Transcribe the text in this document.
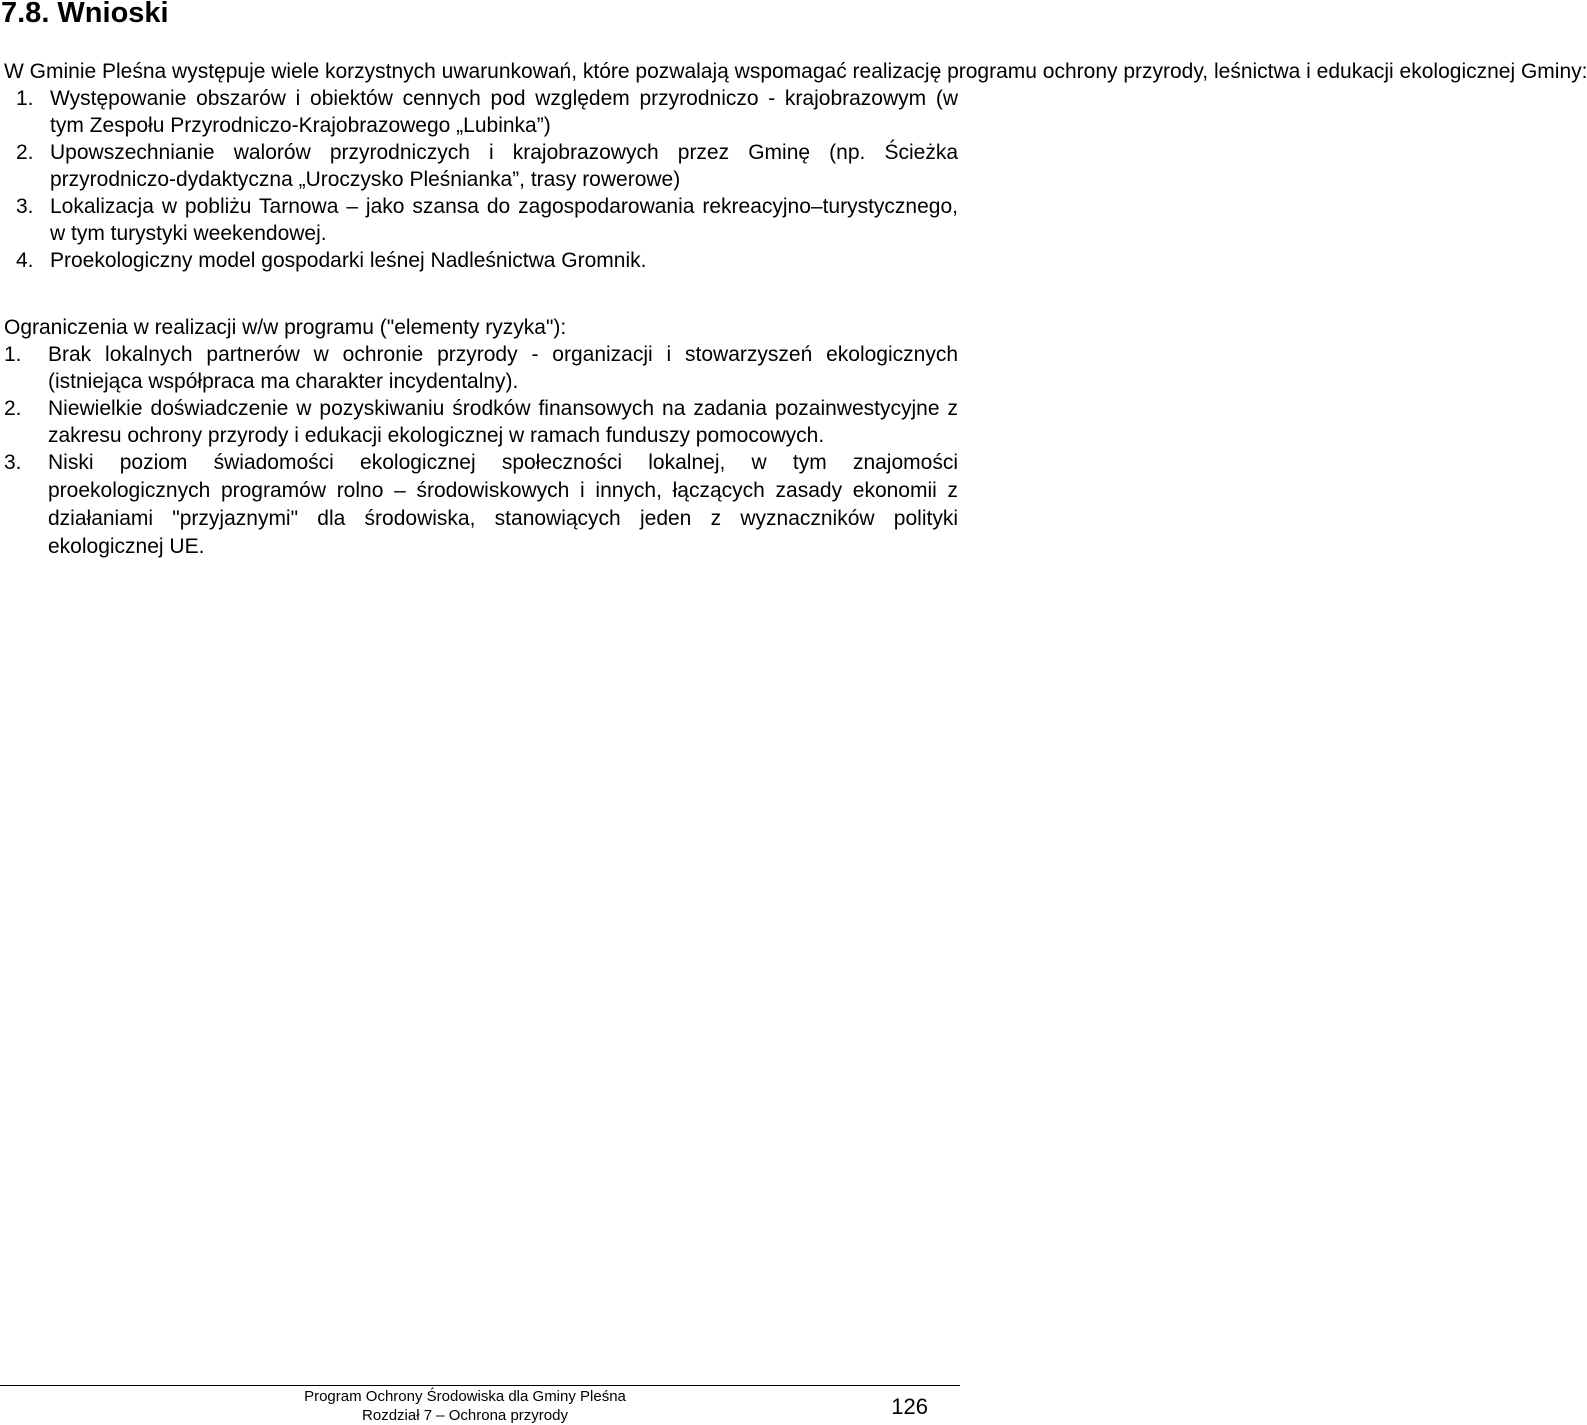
7.8. Wnioski

W Gminie Pleśna występuje wiele korzystnych uwarunkowań, które pozwalają wspomagać realizację programu ochrony przyrody, leśnictwa i edukacji ekologicznej Gminy:

1. Występowanie obszarów i obiektów cennych pod względem przyrodniczo - krajobrazowym (w tym Zespołu Przyrodniczo-Krajobrazowego „Lubinka”)
2. Upowszechnianie walorów przyrodniczych i krajobrazowych przez Gminę (np. Ścieżka przyrodniczo-dydaktyczna „Uroczysko Pleśnianka”, trasy rowerowe)
3. Lokalizacja w pobliżu Tarnowa – jako szansa do zagospodarowania rekreacyjno–turystycznego, w tym turystyki weekendowej.
4. Proekologiczny model gospodarki leśnej Nadleśnictwa Gromnik.

Ograniczenia w realizacji w/w programu ("elementy ryzyka"):

1. Brak lokalnych partnerów w ochronie przyrody - organizacji i stowarzyszeń ekologicznych (istniejąca współpraca ma charakter incydentalny).
2. Niewielkie doświadczenie w pozyskiwaniu środków finansowych na zadania pozainwestycyjne z zakresu ochrony przyrody i edukacji ekologicznej w ramach funduszy pomocowych.
3. Niski poziom świadomości ekologicznej społeczności lokalnej, w tym znajomości proekologicznych programów rolno – środowiskowych i innych, łączących zasady ekonomii z działaniami "przyjaznymi" dla środowiska, stanowiących jeden z wyznaczników polityki ekologicznej UE.
Program Ochrony Środowiska dla Gminy Pleśna
Rozdział 7 – Ochrona przyrody	126
